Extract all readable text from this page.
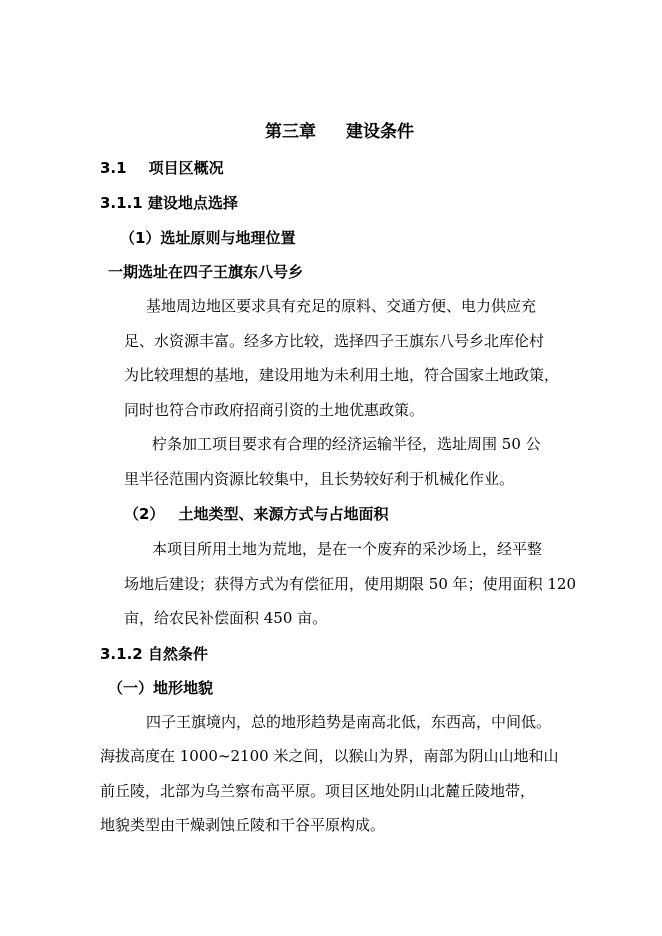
第三章 建设条件
3.1 项目区概况
3.1.1 建设地点选择
（1）选址原则与地理位置
一期选址在四子王旗东八号乡
基地周边地区要求具有充足的原料、交通方便、电力供应充
足、水资源丰富。经多方比较，选择四子王旗东八号乡北库伦村
为比较理想的基地，建设用地为未利用土地，符合国家土地政策，
同时也符合市政府招商引资的土地优惠政策。
柠条加工项目要求有合理的经济运输半径，选址周围 50 公
里半径范围内资源比较集中，且长势较好利于机械化作业。
（2） 土地类型、来源方式与占地面积
本项目所用土地为荒地，是在一个废弃的采沙场上，经平整
场地后建设；获得方式为有偿征用，使用期限 50 年；使用面积 120
亩，给农民补偿面积 450 亩。
3.1.2 自然条件
（一）地形地貌
四子王旗境内，总的地形趋势是南高北低，东西高，中间低。
海拔高度在 1000~2100 米之间，以猴山为界，南部为阴山山地和山
前丘陵，北部为乌兰察布高平原。项目区地处阴山北麓丘陵地带，
地貌类型由干燥剥蚀丘陵和干谷平原构成。
